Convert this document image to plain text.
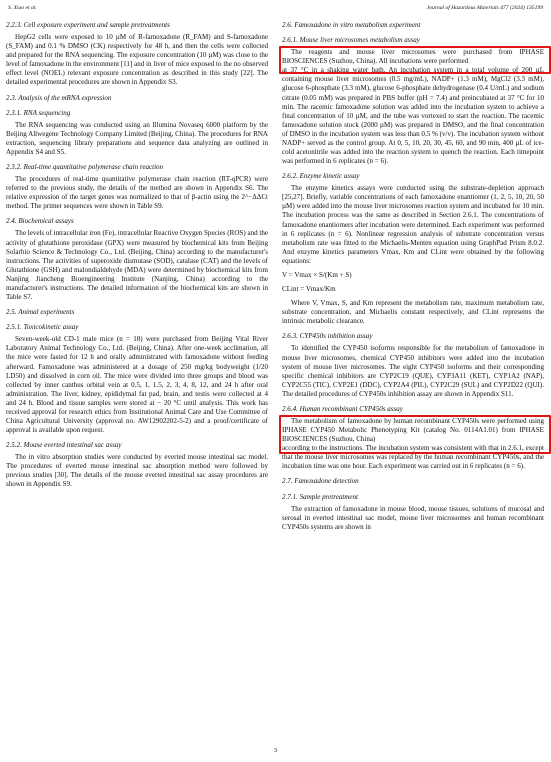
S. Xiao et al.	Journal of Hazardous Materials 477 (2024) 135199
2.2.3. Cell exposure experiment and sample pretreatments

HepG2 cells were exposed to 10 µM of R-famoxadone (R_FAM) and S-famoxadone (S_FAM) and 0.1 % DMSO (CK) respectively for 48 h, and then the cells were collected and prepared for the RNA sequencing. The exposure concentration (10 µM) was close to the level of famoxadone in the environment [11] and in liver of mice exposed to the no observed effect level (NOEL) relevant exposure concentration as described in this study [22]. The detailed experimental procedures are shown in Appendix S3.

2.3. Analysis of the mRNA expression
2.3.1. RNA sequencing

The RNA sequencing was conducted using an Illumina Novaseq 6000 platform by the Beijing Allwegene Technology Company Limited (Beijing, China). The procedures for RNA extraction, sequencing library preparations and sequence data analyzing are outlined in Appendix S4 and S5.

2.3.2. Real-time quantitative polymerase chain reaction

The procedures of real-time quantitative polymerase chain reaction (RT-qPCR) were referred to the previous study, the details of the method are shown in Appendix S6. The relative expression of the target genes was normalized to that of β-actin using the 2^−ΔΔCt method. The primer sequences were shown in Table S9.

2.4. Biochemical assays

The levels of intracellular iron (Fe), intracellular Reactive Oxygen Species (ROS) and the activity of glutathione peroxidase (GPX) were measured by biochemical kits from Beijing Solarbio Science & Technology Co., Ltd. (Beijing, China) according to the manufacturer's instructions. The activities of superoxide dismutase (SOD), catalase (CAT) and the levels of Glutathione (GSH) and malondialdehyde (MDA) were determined by biochemical kits from Nanjing Jiancheng Bioengineering Institute (Nanjing, China) according to the manufacturer's instructions. The detailed information of the biochemical kits are shown in Table S7.

2.5. Animal experiments
2.5.1. Toxicokinetic assay

Seven-week-old CD-1 male mice (n = 18) were purchased from Beijing Vital River Laboratory Animal Technology Co., Ltd. (Beijing, China). After one-week acclimation, all the mice were fasted for 12 h and orally administrated with famoxadone without feeding afterward. Famoxadone was administered at a dosage of 250 mg/kg bodyweight (1/20 LD50) and dissolved in corn oil. The mice were divided into three groups and blood was collected by inner canthus orbital vein at 0.5, 1, 1.5, 2, 3, 4, 8, 12, and 24 h after oral administration. The liver, kidney, epididymal fat pad, brain, and testis were collected at 4 and 24 h. Blood and tissue samples were stored at − 20 °C until analysis. This work has received approval for research ethics from Institutional Animal Care and Use Committee of China Agricultural University (approval no. AW12902202-5-2) and a proof/certificate of approval is available upon request.

2.5.2. Mouse everted intestinal sac assay

The in vitro absorption studies were conducted by everted mouse intestinal sac model. The procedures of everted mouse intestinal sac absorption method were followed by previous studies [30]. The details of the mouse everted intestinal sac assay procedures are shown in Appendix S9.

2.6. Famoxadone in vitro metabolism experiment
2.6.1. Mouse liver microsomes metabolism assay

The reagents and mouse liver microsomes were purchased from IPHASE BIOSCIENCES (Suzhou, China). All incubations were performed

at 37 °C in a shaking water bath. An incubation system in a total volume of 200 µL containing mouse liver microsomes (0.5 mg/mL), NADP+ (1.3 mM), MgCl2 (3.3 mM), glucose 6-phosphate (3.3 mM), glucose 6-phosphate dehydrogenase (0.4 U/mL) and sodium citrate (0.05 mM) was prepared in PBS buffer (pH = 7.4) and preincubated at 37 °C for 10 min. The racemic famoxadone solution was added into the incubation system to achieve a final concentration of 10 µM, and the tube was vortexed to start the reaction. The racemic famoxadone solution stock (2000 µM) was prepared in DMSO, and the final concentration of DMSO in the incubation system was less than 0.5 % (v/v). The incubation system without NADP+ served as the control group. At 0, 5, 10, 20, 30, 45, 60, and 90 min, 400 µL of ice-cold acetonitrile was added into the reaction system to quench the reaction. Each timepoint was performed in 6 replicates (n = 6).

2.6.2. Enzyme kinetic assay

The enzyme kinetics assays were conducted using the substrate-depletion approach [25,27]. Briefly, variable concentrations of each famoxadone enantiomer (1, 2, 5, 10, 20, 50 µM) were added into the mouse liver microsomes reaction system and incubated for 10 min. The incubation process was the same as described in Section 2.6.1. The concentrations of famoxadone enantiomers after incubation were determined. Each experiment was performed in 6 replicates (n = 6). Nonlinear regression analysis of substrate concentration versus metabolism rate was fitted to the Michaelis-Menten equation using GraphPad Prism 8.0.2. And enzyme kinetics parameters Vmax, Km and CLint were obtained by the following equations:

V = Vmax × S/(Km + S)
CLint = Vmax/Km

Where V, Vmax, S, and Km represent the metabolism rate, maximum metabolism rate, substrate concentration, and Michaelis constant respectively, and CLint represents the intrinsic metabolic clearance.

2.6.3. CYP450s inhibition assay

To identified the CYP450 isoforms responsible for the metabolism of famoxadone in mouse liver microsomes, chemical CYP450 inhibitors were added into the incubation system of mouse liver microsomes. The eight CYP450 isoforms and their corresponding specific chemical inhibitors are CYP2C19 (QUE), CYP3A11 (KET), CYP1A2 (NAP), CYP2C55 (TIC), CYP2E1 (DDC), CYP2A4 (PIL), CYP2C29 (SUL) and CYP2D22 (QUI). The detailed procedures of CYP450s inhibition assay are shown in Appendix S11.

2.6.4. Human recombinant CYP450s assay

The metabolism of famoxadone by human recombinant CYP450s were performed using IPHASE CYP450 Metabolic Phenotyping Kit (catalog No. 0114A1.01) from IPHASE BIOSCIENCES (Suzhou, China)

according to the instructions. The incubation system was consistent with that in 2.6.1, except that the mouse liver microsomes was replaced by the human recombinant CYP450s, and the incubation time was one hour. Each experiment was carried out in 6 replicates (n = 6).

2.7. Famoxadone detection
2.7.1. Sample pretreatment

The extraction of famoxadone in mouse blood, mouse tissues, solutions of mucosal and serosal in everted intestinal sac model, mouse liver microsomes and human recombinant CYP450s systems are shown in

3
